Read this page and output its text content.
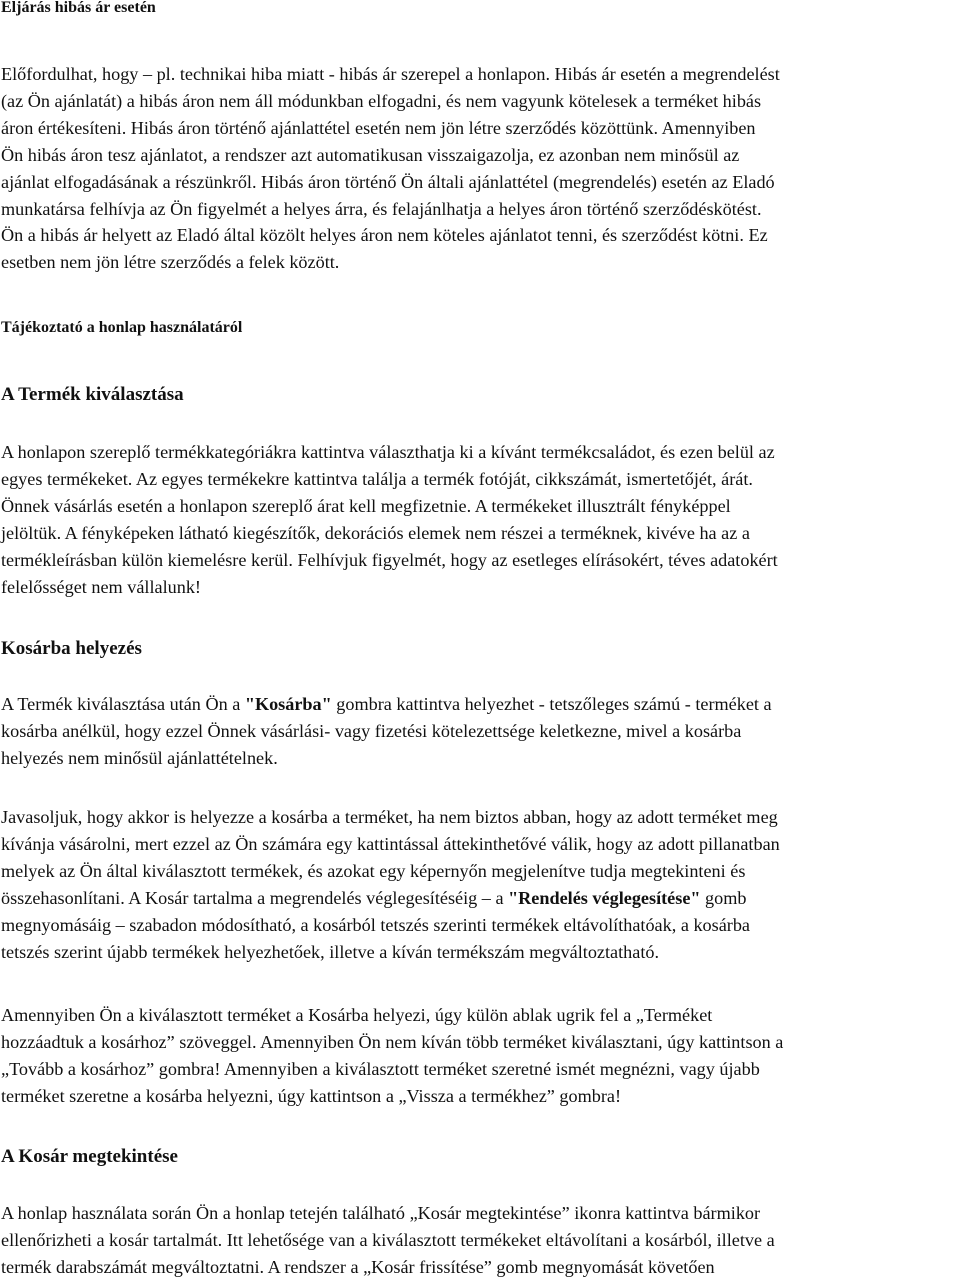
Eljárás hibás ár esetén
Előfordulhat, hogy – pl. technikai hiba miatt - hibás ár szerepel a honlapon. Hibás ár esetén a megrendelést
(az Ön ajánlatát) a hibás áron nem áll módunkban elfogadni, és nem vagyunk kötelesek a terméket hibás
áron értékesíteni. Hibás áron történő ajánlattétel esetén nem jön létre szerződés közöttünk. Amennyiben
Ön hibás áron tesz ajánlatot, a rendszer azt automatikusan visszaigazolja, ez azonban nem minősül az
ajánlat elfogadásának a részünkről. Hibás áron történő Ön általi ajánlattétel (megrendelés) esetén az Eladó
munkatársa felhívja az Ön figyelmét a helyes árra, és felajánlhatja a helyes áron történő szerződéskötést.
Ön a hibás ár helyett az Eladó által közölt helyes áron nem köteles ajánlatot tenni, és szerződést kötni. Ez
esetben nem jön létre szerződés a felek között.
Tájékoztató a honlap használatáról
A Termék kiválasztása
A honlapon szereplő termékkategóriákra kattintva választhatja ki a kívánt termékcsaládot, és ezen belül az
egyes termékeket. Az egyes termékekre kattintva találja a termék fotóját, cikkszámát, ismertetőjét, árát.
Önnek vásárlás esetén a honlapon szereplő árat kell megfizetnie. A termékeket illusztrált fényképpel
jelöltük. A fényképeken látható kiegészítők, dekorációs elemek nem részei a terméknek, kivéve ha az a
termékleírásban külön kiemelésre kerül. Felhívjuk figyelmét, hogy az esetleges elírásokért, téves adatokért
felelősséget nem vállalunk!
Kosárba helyezés
A Termék kiválasztása után Ön a "Kosárba" gombra kattintva helyezhet - tetszőleges számú - terméket a
kosárba anélkül, hogy ezzel Önnek vásárlási- vagy fizetési kötelezettsége keletkezne, mivel a kosárba
helyezés nem minősül ajánlattételnek.
Javasoljuk, hogy akkor is helyezze a kosárba a terméket, ha nem biztos abban, hogy az adott terméket meg
kívánja vásárolni, mert ezzel az Ön számára egy kattintással áttekinthetővé válik, hogy az adott pillanatban
melyek az Ön által kiválasztott termékek, és azokat egy képernyőn megjelenítve tudja megtekinteni és
összehasonlítani. A Kosár tartalma a megrendelés véglegesítéséig – a "Rendelés véglegesítése" gomb
megnyomásáig – szabadon módosítható, a kosárból tetszés szerinti termékek eltávolíthatóak, a kosárba
tetszés szerint újabb termékek helyezhetőek, illetve a kíván termékszám megváltoztatható.
Amennyiben Ön a kiválasztott terméket a Kosárba helyezi, úgy külön ablak ugrik fel a „Terméket
hozzáadtuk a kosárhoz” szöveggel. Amennyiben Ön nem kíván több terméket kiválasztani, úgy kattintson a
„Tovább a kosárhoz” gombra! Amennyiben a kiválasztott terméket szeretné ismét megnézni, vagy újabb
terméket szeretne a kosárba helyezni, úgy kattintson a „Vissza a termékhez” gombra!
A Kosár megtekintése
A honlap használata során Ön a honlap tetején található „Kosár megtekintése” ikonra kattintva bármikor
ellenőrizheti a kosár tartalmát. Itt lehetősége van a kiválasztott termékeket eltávolítani a kosárból, illetve a
termék darabszámát megváltoztatni. A rendszer a „Kosár frissítése” gomb megnyomását követően
